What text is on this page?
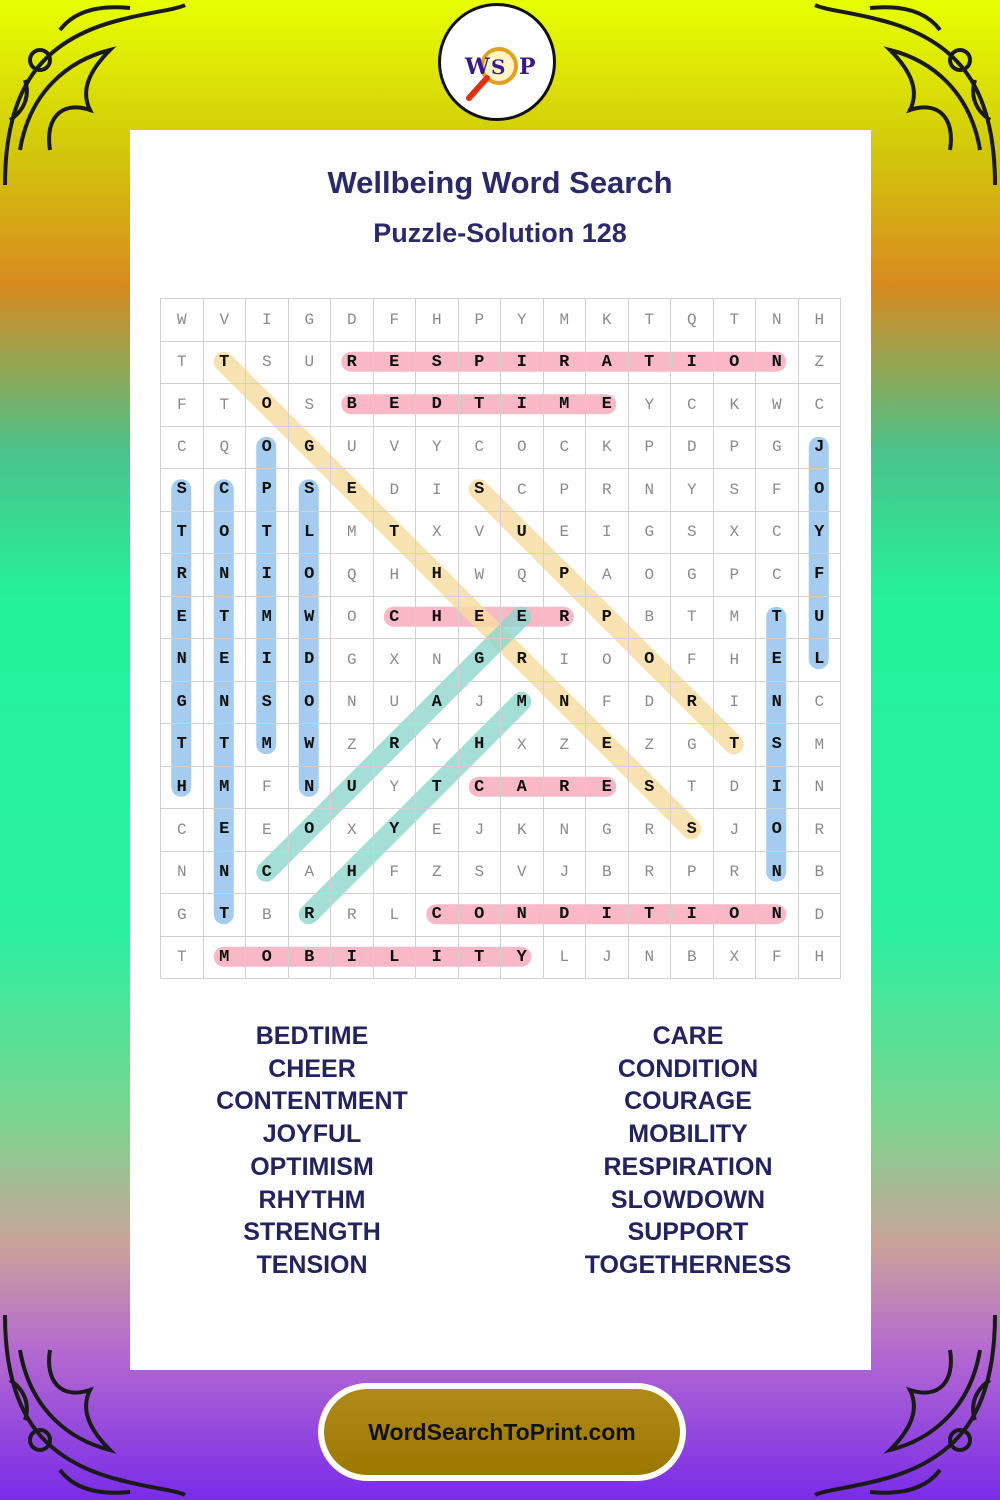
W S P
Wellbeing Word Search
Puzzle-Solution 128
W	V	I	G	D	F	H	P	Y	M	K	T	Q	T	N	H
T	T	S	U	R	E	S	P	I	R	A	T	I	O	N	Z
F	T	O	S	B	E	D	T	I	M	E	Y	C	K	W	C
C	Q	O	G	U	V	Y	C	O	C	K	P	D	P	G	J
S	C	P	S	E	D	I	S	C	P	R	N	Y	S	F	O
T	O	T	L	M	T	X	V	U	E	I	G	S	X	C	Y
R	N	I	O	Q	H	H	W	Q	P	A	O	G	P	C	F
E	T	M	W	O	C	H	E	E	R	P	B	T	M	T	U
N	E	I	D	G	X	N	G	R	I	O	O	F	H	E	L
G	N	S	O	N	U	A	J	M	N	F	D	R	I	N	C
T	T	M	W	Z	R	Y	H	X	Z	E	Z	G	T	S	M
H	M	F	N	U	Y	T	C	A	R	E	S	T	D	I	N
C	E	E	O	X	Y	E	J	K	N	G	R	S	J	O	R
N	N	C	A	H	F	Z	S	V	J	B	R	P	R	N	B
G	T	B	R	R	L	C	O	N	D	I	T	I	O	N	D
T	M	O	B	I	L	I	T	Y	L	J	N	B	X	F	H
BEDTIME
CHEER
CONTENTMENT
JOYFUL
OPTIMISM
RHYTHM
STRENGTH
TENSION
CARE
CONDITION
COURAGE
MOBILITY
RESPIRATION
SLOWDOWN
SUPPORT
TOGETHERNESS
WordSearchToPrint.com
